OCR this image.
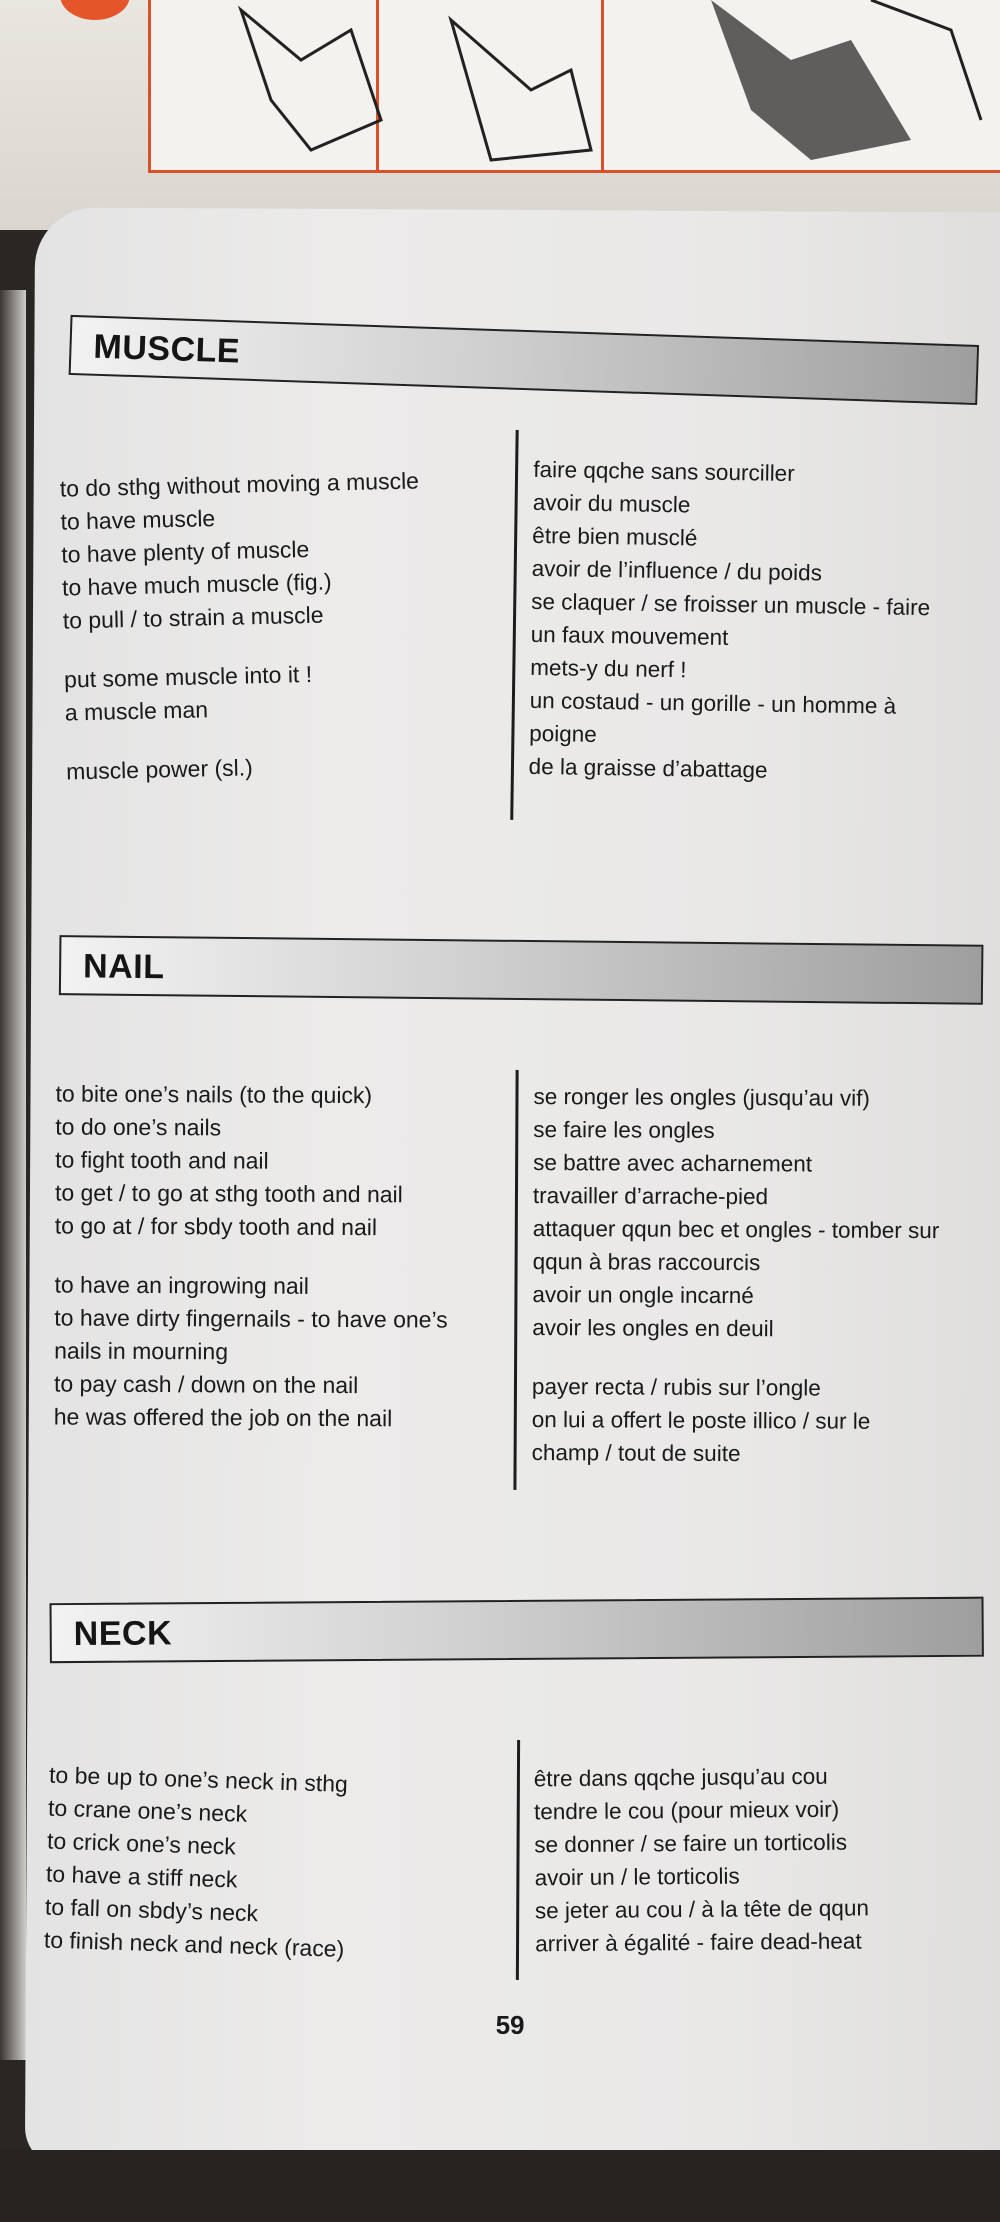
MUSCLE
to do sthg without moving a muscle
to have muscle
to have plenty of muscle
to have much muscle (fig.)
to pull / to strain a muscle
put some muscle into it !
a muscle man
muscle power (sl.)
faire qqche sans sourciller
avoir du muscle
être bien musclé
avoir de l’influence / du poids
se claquer / se froisser un muscle - faire
un faux mouvement
mets-y du nerf !
un costaud - un gorille - un homme à
poigne
de la graisse d’abattage
NAIL
to bite one’s nails (to the quick)
to do one’s nails
to fight tooth and nail
to get / to go at sthg tooth and nail
to go at / for sbdy tooth and nail
to have an ingrowing nail
to have dirty fingernails - to have one’s
nails in mourning
to pay cash / down on the nail
he was offered the job on the nail
se ronger les ongles (jusqu’au vif)
se faire les ongles
se battre avec acharnement
travailler d’arrache-pied
attaquer qqun bec et ongles - tomber sur
qqun à bras raccourcis
avoir un ongle incarné
avoir les ongles en deuil
payer recta / rubis sur l’ongle
on lui a offert le poste illico / sur le
champ / tout de suite
NECK
to be up to one’s neck in sthg
to crane one’s neck
to crick one’s neck
to have a stiff neck
to fall on sbdy’s neck
to finish neck and neck (race)
être dans qqche jusqu’au cou
tendre le cou (pour mieux voir)
se donner / se faire un torticolis
avoir un / le torticolis
se jeter au cou / à la tête de qqun
arriver à égalité - faire dead-heat
59
